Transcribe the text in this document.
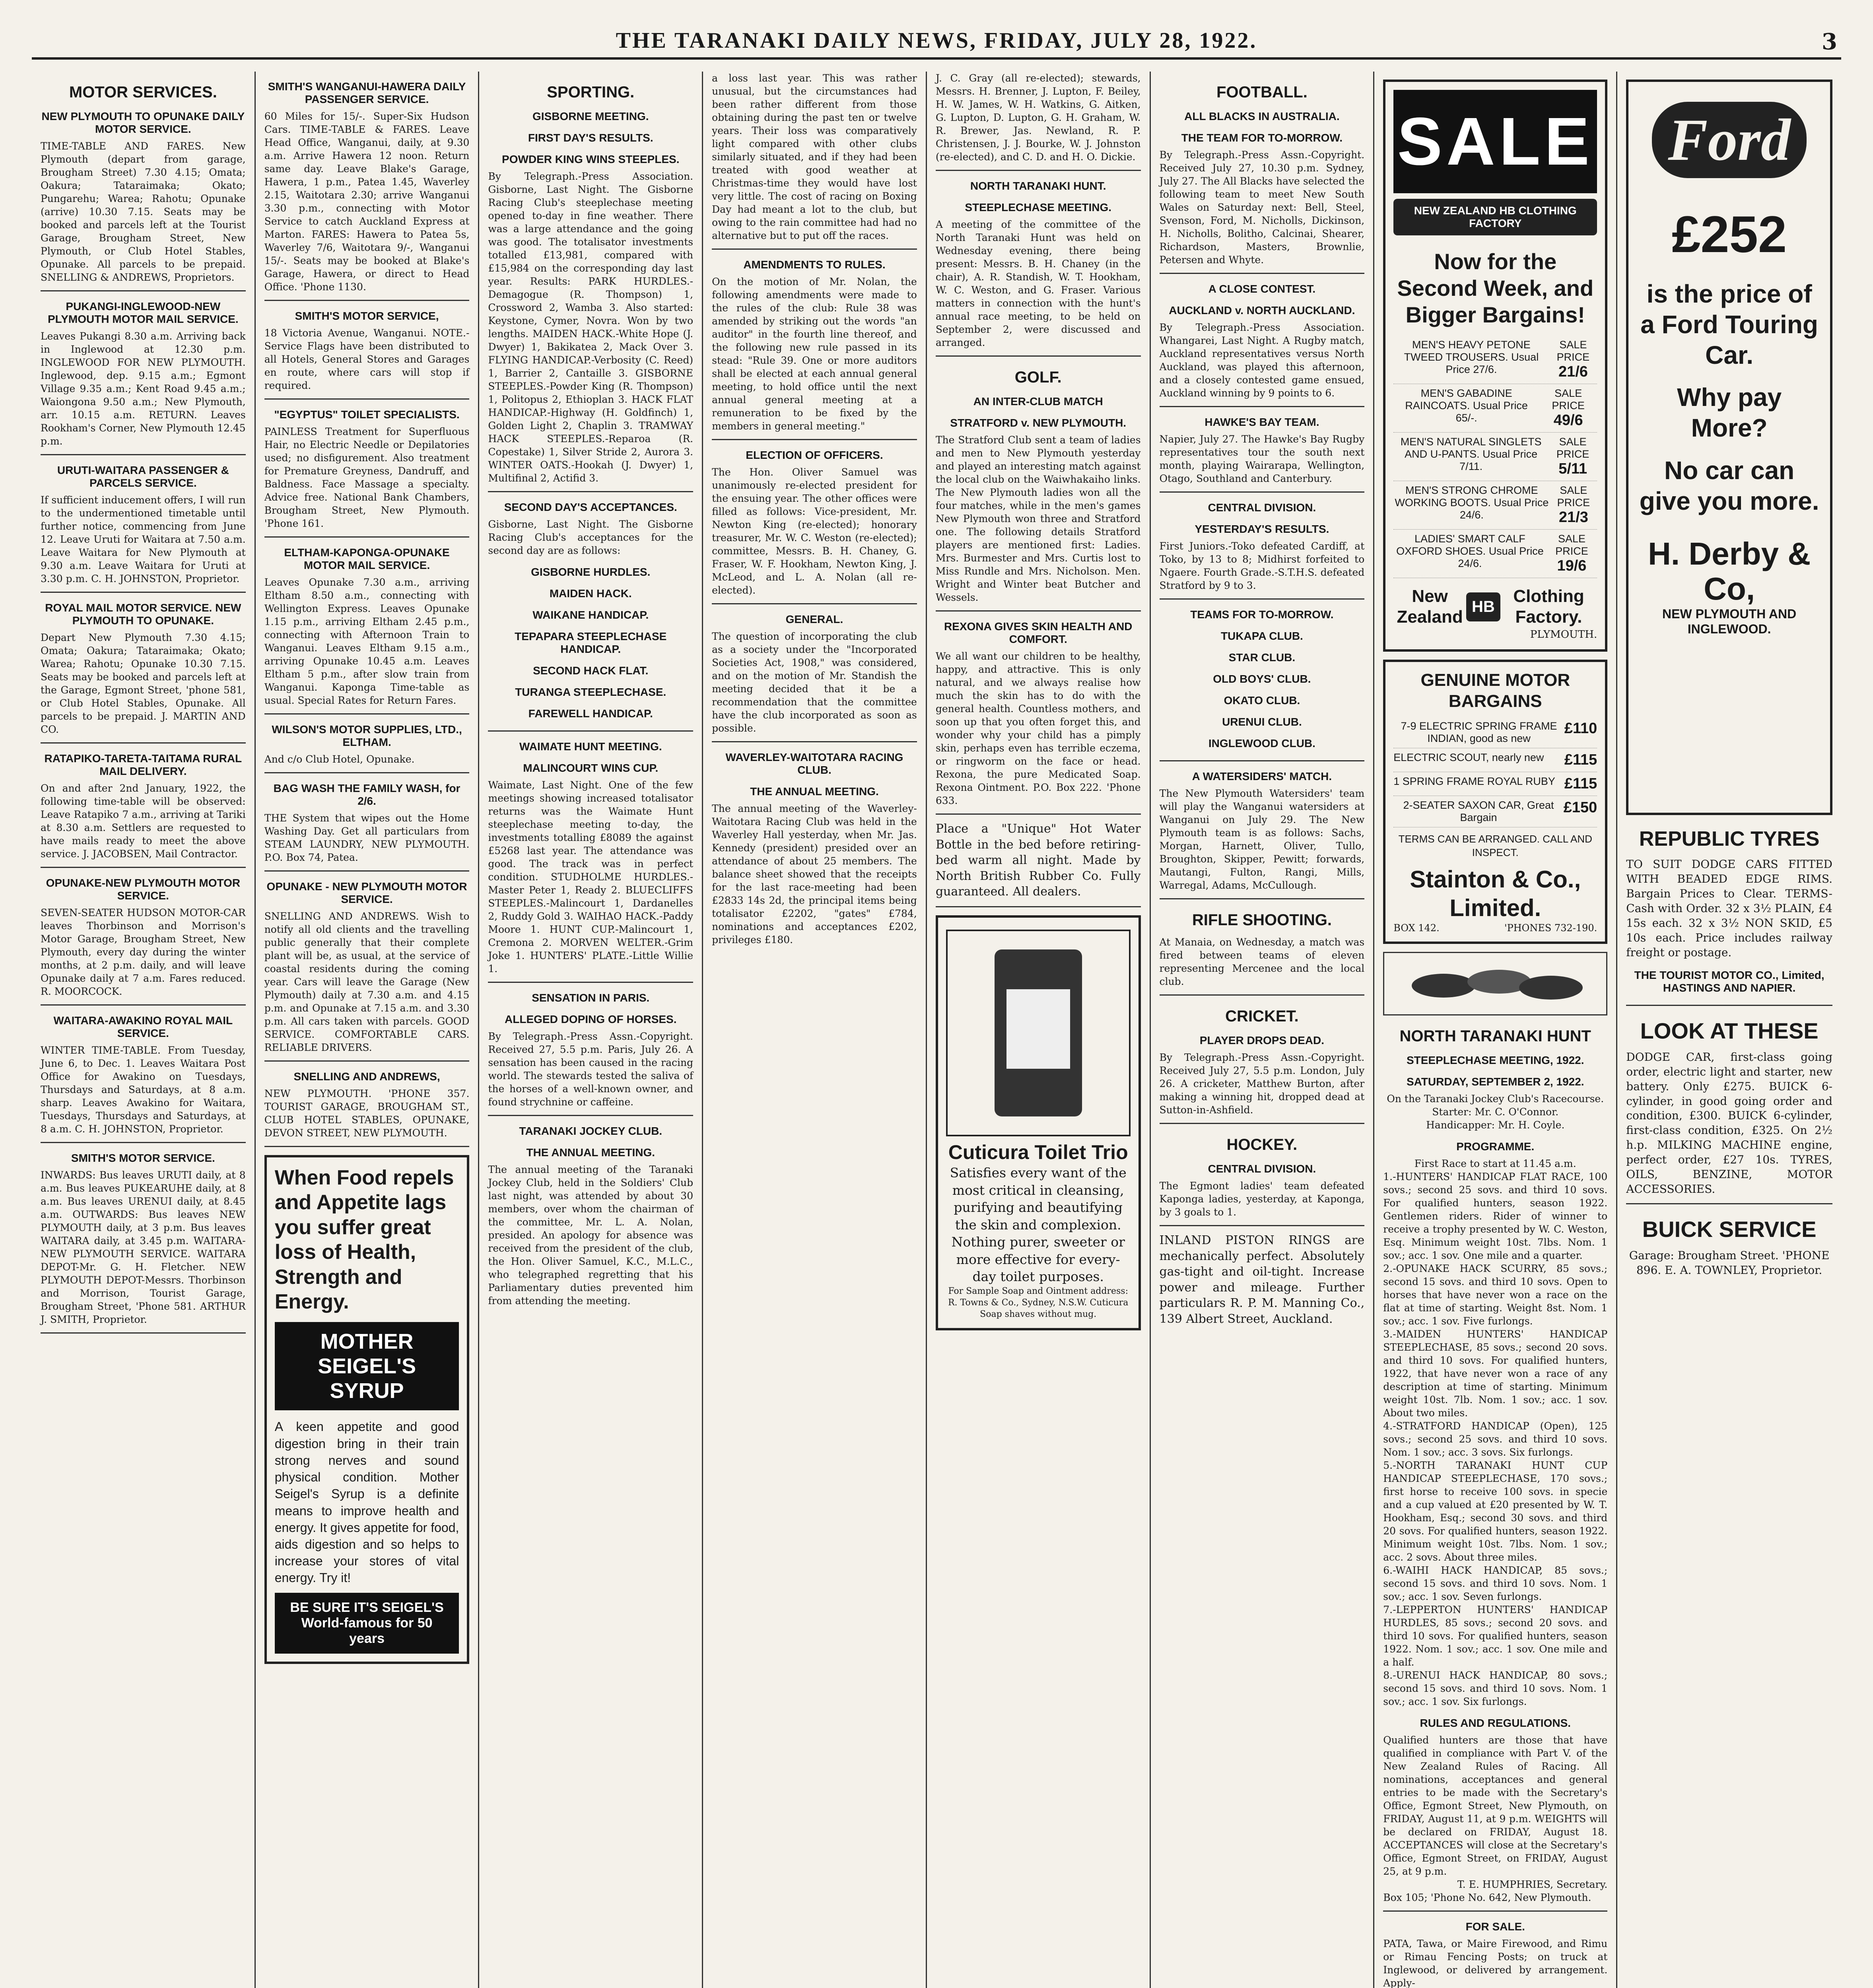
THE TARANAKI DAILY NEWS, FRIDAY, JULY 28, 1922.	3
MOTOR SERVICES.
NEW PLYMOUTH TO OPUNAKE DAILY MOTOR SERVICE.

TIME-TABLE AND FARES. New Plymouth (depart from garage, Brougham Street) 7.30 4.15; Omata; Oakura; Tataraimaka; Okato; Pungarehu; Warea; Rahotu; Opunake (arrive) 10.30 7.15. Seats may be booked and parcels left at the Tourist Garage, Brougham Street, New Plymouth, or Club Hotel Stables, Opunake. All parcels to be prepaid. SNELLING & ANDREWS, Proprietors.

PUKANGI-INGLEWOOD-NEW PLYMOUTH MOTOR MAIL SERVICE.

Leaves Pukangi 8.30 a.m. Arriving back in Inglewood at 12.30 p.m. INGLEWOOD FOR NEW PLYMOUTH. Inglewood, dep. 9.15 a.m.; Egmont Village 9.35 a.m.; Kent Road 9.45 a.m.; Waiongona 9.50 a.m.; New Plymouth, arr. 10.15 a.m. RETURN. Leaves Rookham's Corner, New Plymouth 12.45 p.m.

URUTI-WAITARA PASSENGER & PARCELS SERVICE.

If sufficient inducement offers, I will run to the undermentioned timetable until further notice, commencing from June 12. Leave Uruti for Waitara at 7.50 a.m. Leave Waitara for New Plymouth at 9.30 a.m. Leave Waitara for Uruti at 3.30 p.m. C. H. JOHNSTON, Proprietor.

ROYAL MAIL MOTOR SERVICE. NEW PLYMOUTH TO OPUNAKE.

Depart New Plymouth 7.30 4.15; Omata; Oakura; Tataraimaka; Okato; Warea; Rahotu; Opunake 10.30 7.15. Seats may be booked and parcels left at the Garage, Egmont Street, 'phone 581, or Club Hotel Stables, Opunake. All parcels to be prepaid. J. MARTIN AND CO.

RATAPIKO-TARETA-TAITAMA RURAL MAIL DELIVERY.

On and after 2nd January, 1922, the following time-table will be observed: Leave Ratapiko 7 a.m., arriving at Tariki at 8.30 a.m. Settlers are requested to have mails ready to meet the above service. J. JACOBSEN, Mail Contractor.

OPUNAKE-NEW PLYMOUTH MOTOR SERVICE.

SEVEN-SEATER HUDSON MOTOR-CAR leaves Thorbinson and Morrison's Motor Garage, Brougham Street, New Plymouth, every day during the winter months, at 2 p.m. daily, and will leave Opunake daily at 7 a.m. Fares reduced. R. MOORCOCK.

WAITARA-AWAKINO ROYAL MAIL SERVICE.

WINTER TIME-TABLE. From Tuesday, June 6, to Dec. 1. Leaves Waitara Post Office for Awakino on Tuesdays, Thursdays and Saturdays, at 8 a.m. sharp. Leaves Awakino for Waitara, Tuesdays, Thursdays and Saturdays, at 8 a.m. C. H. JOHNSTON, Proprietor.

SMITH'S MOTOR SERVICE.

INWARDS: Bus leaves URUTI daily, at 8 a.m. Bus leaves PUKEARUHE daily, at 8 a.m. Bus leaves URENUI daily, at 8.45 a.m. OUTWARDS: Bus leaves NEW PLYMOUTH daily, at 3 p.m. Bus leaves WAITARA daily, at 3.45 p.m. WAITARA-NEW PLYMOUTH SERVICE. WAITARA DEPOT-Mr. G. H. Fletcher. NEW PLYMOUTH DEPOT-Messrs. Thorbinson and Morrison, Tourist Garage, Brougham Street, 'Phone 581. ARTHUR J. SMITH, Proprietor.

SMITH'S WANGANUI-HAWERA DAILY PASSENGER SERVICE.

60 Miles for 15/-. Super-Six Hudson Cars. TIME-TABLE & FARES. Leave Head Office, Wanganui, daily, at 9.30 a.m. Arrive Hawera 12 noon. Return same day. Leave Blake's Garage, Hawera, 1 p.m., Patea 1.45, Waverley 2.15, Waitotara 2.30; arrive Wanganui 3.30 p.m., connecting with Motor Service to catch Auckland Express at Marton. FARES: Hawera to Patea 5s, Waverley 7/6, Waitotara 9/-, Wanganui 15/-. Seats may be booked at Blake's Garage, Hawera, or direct to Head Office. 'Phone 1130.

SMITH'S MOTOR SERVICE,

18 Victoria Avenue, Wanganui. NOTE.-Service Flags have been distributed to all Hotels, General Stores and Garages en route, where cars will stop if required.

"EGYPTUS" TOILET SPECIALISTS.

PAINLESS Treatment for Superfluous Hair, no Electric Needle or Depilatories used; no disfigurement. Also treatment for Premature Greyness, Dandruff, and Baldness. Face Massage a specialty. Advice free. National Bank Chambers, Brougham Street, New Plymouth. 'Phone 161.

ELTHAM-KAPONGA-OPUNAKE MOTOR MAIL SERVICE.

Leaves Opunake 7.30 a.m., arriving Eltham 8.50 a.m., connecting with Wellington Express. Leaves Opunake 1.15 p.m., arriving Eltham 2.45 p.m., connecting with Afternoon Train to Wanganui. Leaves Eltham 9.15 a.m., arriving Opunake 10.45 a.m. Leaves Eltham 5 p.m., after slow train from Wanganui. Kaponga Time-table as usual. Special Rates for Return Fares.

WILSON'S MOTOR SUPPLIES, LTD., ELTHAM.

And c/o Club Hotel, Opunake.

BAG WASH THE FAMILY WASH, for 2/6.

THE System that wipes out the Home Washing Day. Get all particulars from STEAM LAUNDRY, NEW PLYMOUTH. P.O. Box 74, Patea.

OPUNAKE - NEW PLYMOUTH MOTOR SERVICE.

SNELLING AND ANDREWS. Wish to notify all old clients and the travelling public generally that their complete plant will be, as usual, at the service of coastal residents during the coming year. Cars will leave the Garage (New Plymouth) daily at 7.30 a.m. and 4.15 p.m. and Opunake at 7.15 a.m. and 3.30 p.m. All cars taken with parcels. GOOD SERVICE. COMFORTABLE CARS. RELIABLE DRIVERS.

SNELLING AND ANDREWS,

NEW PLYMOUTH. 'PHONE 357. TOURIST GARAGE, BROUGHAM ST., CLUB HOTEL STABLES, OPUNAKE, DEVON STREET, NEW PLYMOUTH.

When Food repels and Appetite lags you suffer great loss of Health, Strength and Energy.
MOTHER SEIGEL'S SYRUP
A keen appetite and good digestion bring in their train strong nerves and sound physical condition. Mother Seigel's Syrup is a definite means to improve health and energy. It gives appetite for food, aids digestion and so helps to increase your stores of vital energy. Try it!
BE SURE IT'S SEIGEL'S World-famous for 50 years
SPORTING.
GISBORNE MEETING.
FIRST DAY'S RESULTS.
POWDER KING WINS STEEPLES.

By Telegraph.-Press Association. Gisborne, Last Night. The Gisborne Racing Club's steeplechase meeting opened to-day in fine weather. There was a large attendance and the going was good. The totalisator investments totalled £13,981, compared with £15,984 on the corresponding day last year. Results: PARK HURDLES.-Demagogue (R. Thompson) 1, Crossword 2, Wamba 3. Also started: Keystone, Cymer, Novra. Won by two lengths. MAIDEN HACK.-White Hope (J. Dwyer) 1, Bakikatea 2, Mack Over 3. FLYING HANDICAP.-Verbosity (C. Reed) 1, Barrier 2, Cantaille 3. GISBORNE STEEPLES.-Powder King (R. Thompson) 1, Politopus 2, Ethioplan 3. HACK FLAT HANDICAP.-Highway (H. Goldfinch) 1, Golden Light 2, Chaplin 3. TRAMWAY HACK STEEPLES.-Reparoa (R. Copestake) 1, Silver Stride 2, Aurora 3. WINTER OATS.-Hookah (J. Dwyer) 1, Multifinal 2, Actifid 3.

SECOND DAY'S ACCEPTANCES.

Gisborne, Last Night. The Gisborne Racing Club's acceptances for the second day are as follows:

GISBORNE HURDLES.
MAIDEN HACK.
WAIKANE HANDICAP.
TEPAPARA STEEPLECHASE HANDICAP.
SECOND HACK FLAT.
TURANGA STEEPLECHASE.
FAREWELL HANDICAP.
WAIMATE HUNT MEETING.
MALINCOURT WINS CUP.

Waimate, Last Night. One of the few meetings showing increased totalisator returns was the Waimate Hunt steeplechase meeting to-day, the investments totalling £8089 the against £5268 last year. The attendance was good. The track was in perfect condition. STUDHOLME HURDLES.-Master Peter 1, Ready 2. BLUECLIFFS STEEPLES.-Malincourt 1, Dardanelles 2, Ruddy Gold 3. WAIHAO HACK.-Paddy Moore 1. HUNT CUP.-Malincourt 1, Cremona 2. MORVEN WELTER.-Grim Joke 1. HUNTERS' PLATE.-Little Willie 1.

SENSATION IN PARIS.
ALLEGED DOPING OF HORSES.

By Telegraph.-Press Assn.-Copyright. Received 27, 5.5 p.m. Paris, July 26. A sensation has been caused in the racing world. The stewards tested the saliva of the horses of a well-known owner, and found strychnine or caffeine.

TARANAKI JOCKEY CLUB.
THE ANNUAL MEETING.

The annual meeting of the Taranaki Jockey Club, held in the Soldiers' Club last night, was attended by about 30 members, over whom the chairman of the committee, Mr. L. A. Nolan, presided. An apology for absence was received from the president of the club, the Hon. Oliver Samuel, K.C., M.L.C., who telegraphed regretting that his Parliamentary duties prevented him from attending the meeting.

a loss last year. This was rather unusual, but the circumstances had been rather different from those obtaining during the past ten or twelve years. Their loss was comparatively light compared with other clubs similarly situated, and if they had been treated with good weather at Christmas-time they would have lost very little. The cost of racing on Boxing Day had meant a lot to the club, but owing to the rain committee had had no alternative but to put off the races.

AMENDMENTS TO RULES.

On the motion of Mr. Nolan, the following amendments were made to the rules of the club: Rule 38 was amended by striking out the words "an auditor" in the fourth line thereof, and the following new rule passed in its stead: "Rule 39. One or more auditors shall be elected at each annual general meeting, to hold office until the next annual general meeting at a remuneration to be fixed by the members in general meeting."

ELECTION OF OFFICERS.

The Hon. Oliver Samuel was unanimously re-elected president for the ensuing year. The other offices were filled as follows: Vice-president, Mr. Newton King (re-elected); honorary treasurer, Mr. W. C. Weston (re-elected); committee, Messrs. B. H. Chaney, G. Fraser, W. F. Hookham, Newton King, J. McLeod, and L. A. Nolan (all re-elected).

GENERAL.

The question of incorporating the club as a society under the "Incorporated Societies Act, 1908," was considered, and on the motion of Mr. Standish the meeting decided that it be a recommendation that the committee have the club incorporated as soon as possible.

WAVERLEY-WAITOTARA RACING CLUB.
THE ANNUAL MEETING.

The annual meeting of the Waverley-Waitotara Racing Club was held in the Waverley Hall yesterday, when Mr. Jas. Kennedy (president) presided over an attendance of about 25 members. The balance sheet showed that the receipts for the last race-meeting had been £2833 14s 2d, the principal items being totalisator £2202, "gates" £784, nominations and acceptances £202, privileges £180.

J. C. Gray (all re-elected); stewards, Messrs. H. Brenner, J. Lupton, F. Beiley, H. W. James, W. H. Watkins, G. Aitken, G. Lupton, D. Lupton, G. H. Graham, W. R. Brewer, Jas. Newland, R. P. Christensen, J. J. Bourke, W. J. Johnston (re-elected), and C. D. and H. O. Dickie.

NORTH TARANAKI HUNT.
STEEPLECHASE MEETING.

A meeting of the committee of the North Taranaki Hunt was held on Wednesday evening, there being present: Messrs. B. H. Chaney (in the chair), A. R. Standish, W. T. Hookham, W. C. Weston, and G. Fraser. Various matters in connection with the hunt's annual race meeting, to be held on September 2, were discussed and arranged.

GOLF.
AN INTER-CLUB MATCH
STRATFORD v. NEW PLYMOUTH.

The Stratford Club sent a team of ladies and men to New Plymouth yesterday and played an interesting match against the local club on the Waiwhakaiho links. The New Plymouth ladies won all the four matches, while in the men's games New Plymouth won three and Stratford one. The following details Stratford players are mentioned first: Ladies. Mrs. Burmester and Mrs. Curtis lost to Miss Rundle and Mrs. Nicholson. Men. Wright and Winter beat Butcher and Wessels.

REXONA GIVES SKIN HEALTH AND COMFORT.

We all want our children to be healthy, happy, and attractive. This is only natural, and we always realise how much the skin has to do with the general health. Countless mothers, and soon up that you often forget this, and wonder why your child has a pimply skin, perhaps even has terrible eczema, or ringworm on the face or head. Rexona, the pure Medicated Soap. Rexona Ointment. P.O. Box 222. 'Phone 633.

Place a "Unique" Hot Water Bottle in the bed before retiring-bed warm all night. Made by North British Rubber Co. Fully guaranteed. All dealers.

Cuticura Toilet Trio
Satisfies every want of the most critical in cleansing, purifying and beautifying the skin and complexion. Nothing purer, sweeter or more effective for every-day toilet purposes.
For Sample Soap and Ointment address: R. Towns & Co., Sydney, N.S.W. Cuticura Soap shaves without mug.
FOOTBALL.
ALL BLACKS IN AUSTRALIA.
THE TEAM FOR TO-MORROW.

By Telegraph.-Press Assn.-Copyright. Received July 27, 10.30 p.m. Sydney, July 27. The All Blacks have selected the following team to meet New South Wales on Saturday next: Bell, Steel, Svenson, Ford, M. Nicholls, Dickinson, H. Nicholls, Bolitho, Calcinai, Shearer, Richardson, Masters, Brownlie, Petersen and Whyte.

A CLOSE CONTEST.
AUCKLAND v. NORTH AUCKLAND.

By Telegraph.-Press Association. Whangarei, Last Night. A Rugby match, Auckland representatives versus North Auckland, was played this afternoon, and a closely contested game ensued, Auckland winning by 9 points to 6.

HAWKE'S BAY TEAM.

Napier, July 27. The Hawke's Bay Rugby representatives tour the south next month, playing Wairarapa, Wellington, Otago, Southland and Canterbury.

CENTRAL DIVISION.
YESTERDAY'S RESULTS.

First Juniors.-Toko defeated Cardiff, at Toko, by 13 to 8; Midhirst forfeited to Ngaere. Fourth Grade.-S.T.H.S. defeated Stratford by 9 to 3.

TEAMS FOR TO-MORROW.
TUKAPA CLUB.
STAR CLUB.
OLD BOYS' CLUB.
OKATO CLUB.
URENUI CLUB.
INGLEWOOD CLUB.
A WATERSIDERS' MATCH.

The New Plymouth Watersiders' team will play the Wanganui watersiders at Wanganui on July 29. The New Plymouth team is as follows: Sachs, Morgan, Harnett, Oliver, Tullo, Broughton, Skipper, Pewitt; forwards, Mautangi, Fulton, Rangi, Mills, Warregal, Adams, McCullough.

RIFLE SHOOTING.

At Manaia, on Wednesday, a match was fired between teams of eleven representing Mercenee and the local club.

CRICKET.
PLAYER DROPS DEAD.

By Telegraph.-Press Assn.-Copyright. Received July 27, 5.5 p.m. London, July 26. A cricketer, Matthew Burton, after making a winning hit, dropped dead at Sutton-in-Ashfield.

HOCKEY.
CENTRAL DIVISION.

The Egmont ladies' team defeated Kaponga ladies, yesterday, at Kaponga, by 3 goals to 1.

INLAND PISTON RINGS are mechanically perfect. Absolutely gas-tight and oil-tight. Increase power and mileage. Further particulars R. P. M. Manning Co., 139 Albert Street, Auckland.

SALE
NEW ZEALAND HB CLOTHING FACTORY
Now for the Second Week, and Bigger Bargains!
MEN'S HEAVY PETONE TWEED TROUSERS. Usual Price 27/6.
SALE PRICE 21/6
MEN'S GABADINE RAINCOATS. Usual Price 65/-.
SALE PRICE 49/6
MEN'S NATURAL SINGLETS AND U-PANTS. Usual Price 7/11.
SALE PRICE 5/11
MEN'S STRONG CHROME WORKING BOOTS. Usual Price 24/6.
SALE PRICE 21/3
LADIES' SMART CALF OXFORD SHOES. Usual Price 24/6.
SALE PRICE 19/6
New Zealand
HB
Clothing Factory.
PLYMOUTH.
GENUINE MOTOR BARGAINS
7-9 ELECTRIC SPRING FRAME INDIAN, good as new
£110
ELECTRIC SCOUT, nearly new £115
1 SPRING FRAME ROYAL RUBY £115
2-SEATER SAXON CAR, Great Bargain
£150
TERMS CAN BE ARRANGED. CALL AND INSPECT.
Stainton & Co., Limited.
BOX 142.	'PHONES 732-190.
NORTH TARANAKI HUNT
STEEPLECHASE MEETING, 1922.
SATURDAY, SEPTEMBER 2, 1922.

On the Taranaki Jockey Club's Racecourse.

Starter: Mr. C. O'Connor.

Handicapper: Mr. H. Coyle.

PROGRAMME.

First Race to start at 11.45 a.m.

1.-HUNTERS' HANDICAP FLAT RACE, 100 sovs.; second 25 sovs. and third 10 sovs. For qualified hunters, season 1922. Gentlemen riders. Rider of winner to receive a trophy presented by W. C. Weston, Esq. Minimum weight 10st. 7lbs. Nom. 1 sov.; acc. 1 sov. One mile and a quarter.

2.-OPUNAKE HACK SCURRY, 85 sovs.; second 15 sovs. and third 10 sovs. Open to horses that have never won a race on the flat at time of starting. Weight 8st. Nom. 1 sov.; acc. 1 sov. Five furlongs.

3.-MAIDEN HUNTERS' HANDICAP STEEPLECHASE, 85 sovs.; second 20 sovs. and third 10 sovs. For qualified hunters, 1922, that have never won a race of any description at time of starting. Minimum weight 10st. 7lb. Nom. 1 sov.; acc. 1 sov. About two miles.

4.-STRATFORD HANDICAP (Open), 125 sovs.; second 25 sovs. and third 10 sovs. Nom. 1 sov.; acc. 3 sovs. Six furlongs.

5.-NORTH TARANAKI HUNT CUP HANDICAP STEEPLECHASE, 170 sovs.; first horse to receive 100 sovs. in specie and a cup valued at £20 presented by W. T. Hookham, Esq.; second 30 sovs. and third 20 sovs. For qualified hunters, season 1922. Minimum weight 10st. 7lbs. Nom. 1 sov.; acc. 2 sovs. About three miles.

6.-WAIHI HACK HANDICAP, 85 sovs.; second 15 sovs. and third 10 sovs. Nom. 1 sov.; acc. 1 sov. Seven furlongs.

7.-LEPPERTON HUNTERS' HANDICAP HURDLES, 85 sovs.; second 20 sovs. and third 10 sovs. For qualified hunters, season 1922. Nom. 1 sov.; acc. 1 sov. One mile and a half.

8.-URENUI HACK HANDICAP, 80 sovs.; second 15 sovs. and third 10 sovs. Nom. 1 sov.; acc. 1 sov. Six furlongs.

RULES AND REGULATIONS.

Qualified hunters are those that have qualified in compliance with Part V. of the New Zealand Rules of Racing. All nominations, acceptances and general entries to be made with the Secretary's Office, Egmont Street, New Plymouth, on FRIDAY, August 11, at 9 p.m. WEIGHTS will be declared on FRIDAY, August 18. ACCEPTANCES will close at the Secretary's Office, Egmont Street, on FRIDAY, August 25, at 9 p.m.

T. E. HUMPHRIES, Secretary.

Box 105; 'Phone No. 642, New Plymouth.

FOR SALE.

PATA, Tawa, or Maire Firewood, and Rimu or Rimau Fencing Posts; on truck at Inglewood, or delivered by arrangement. Apply-

Ford
£252
is the price of a Ford Touring Car.
Why pay More?
No car can give you more.
H. Derby & Co,
NEW PLYMOUTH AND INGLEWOOD.
REPUBLIC TYRES

TO SUIT DODGE CARS FITTED WITH BEADED EDGE RIMS. Bargain Prices to Clear. TERMS-Cash with Order. 32 x 3½ PLAIN, £4 15s each. 32 x 3½ NON SKID, £5 10s each. Price includes railway freight or postage.

THE TOURIST MOTOR CO., Limited, HASTINGS AND NAPIER.
LOOK AT THESE

DODGE CAR, first-class going order, electric light and starter, new battery. Only £275. BUICK 6-cylinder, in good going order and condition, £300. BUICK 6-cylinder, first-class condition, £325. On 2½ h.p. MILKING MACHINE engine, perfect order, £27 10s. TYRES, OILS, BENZINE, MOTOR ACCESSORIES.

BUICK SERVICE

Garage: Brougham Street. 'PHONE 896. E. A. TOWNLEY, Proprietor.
